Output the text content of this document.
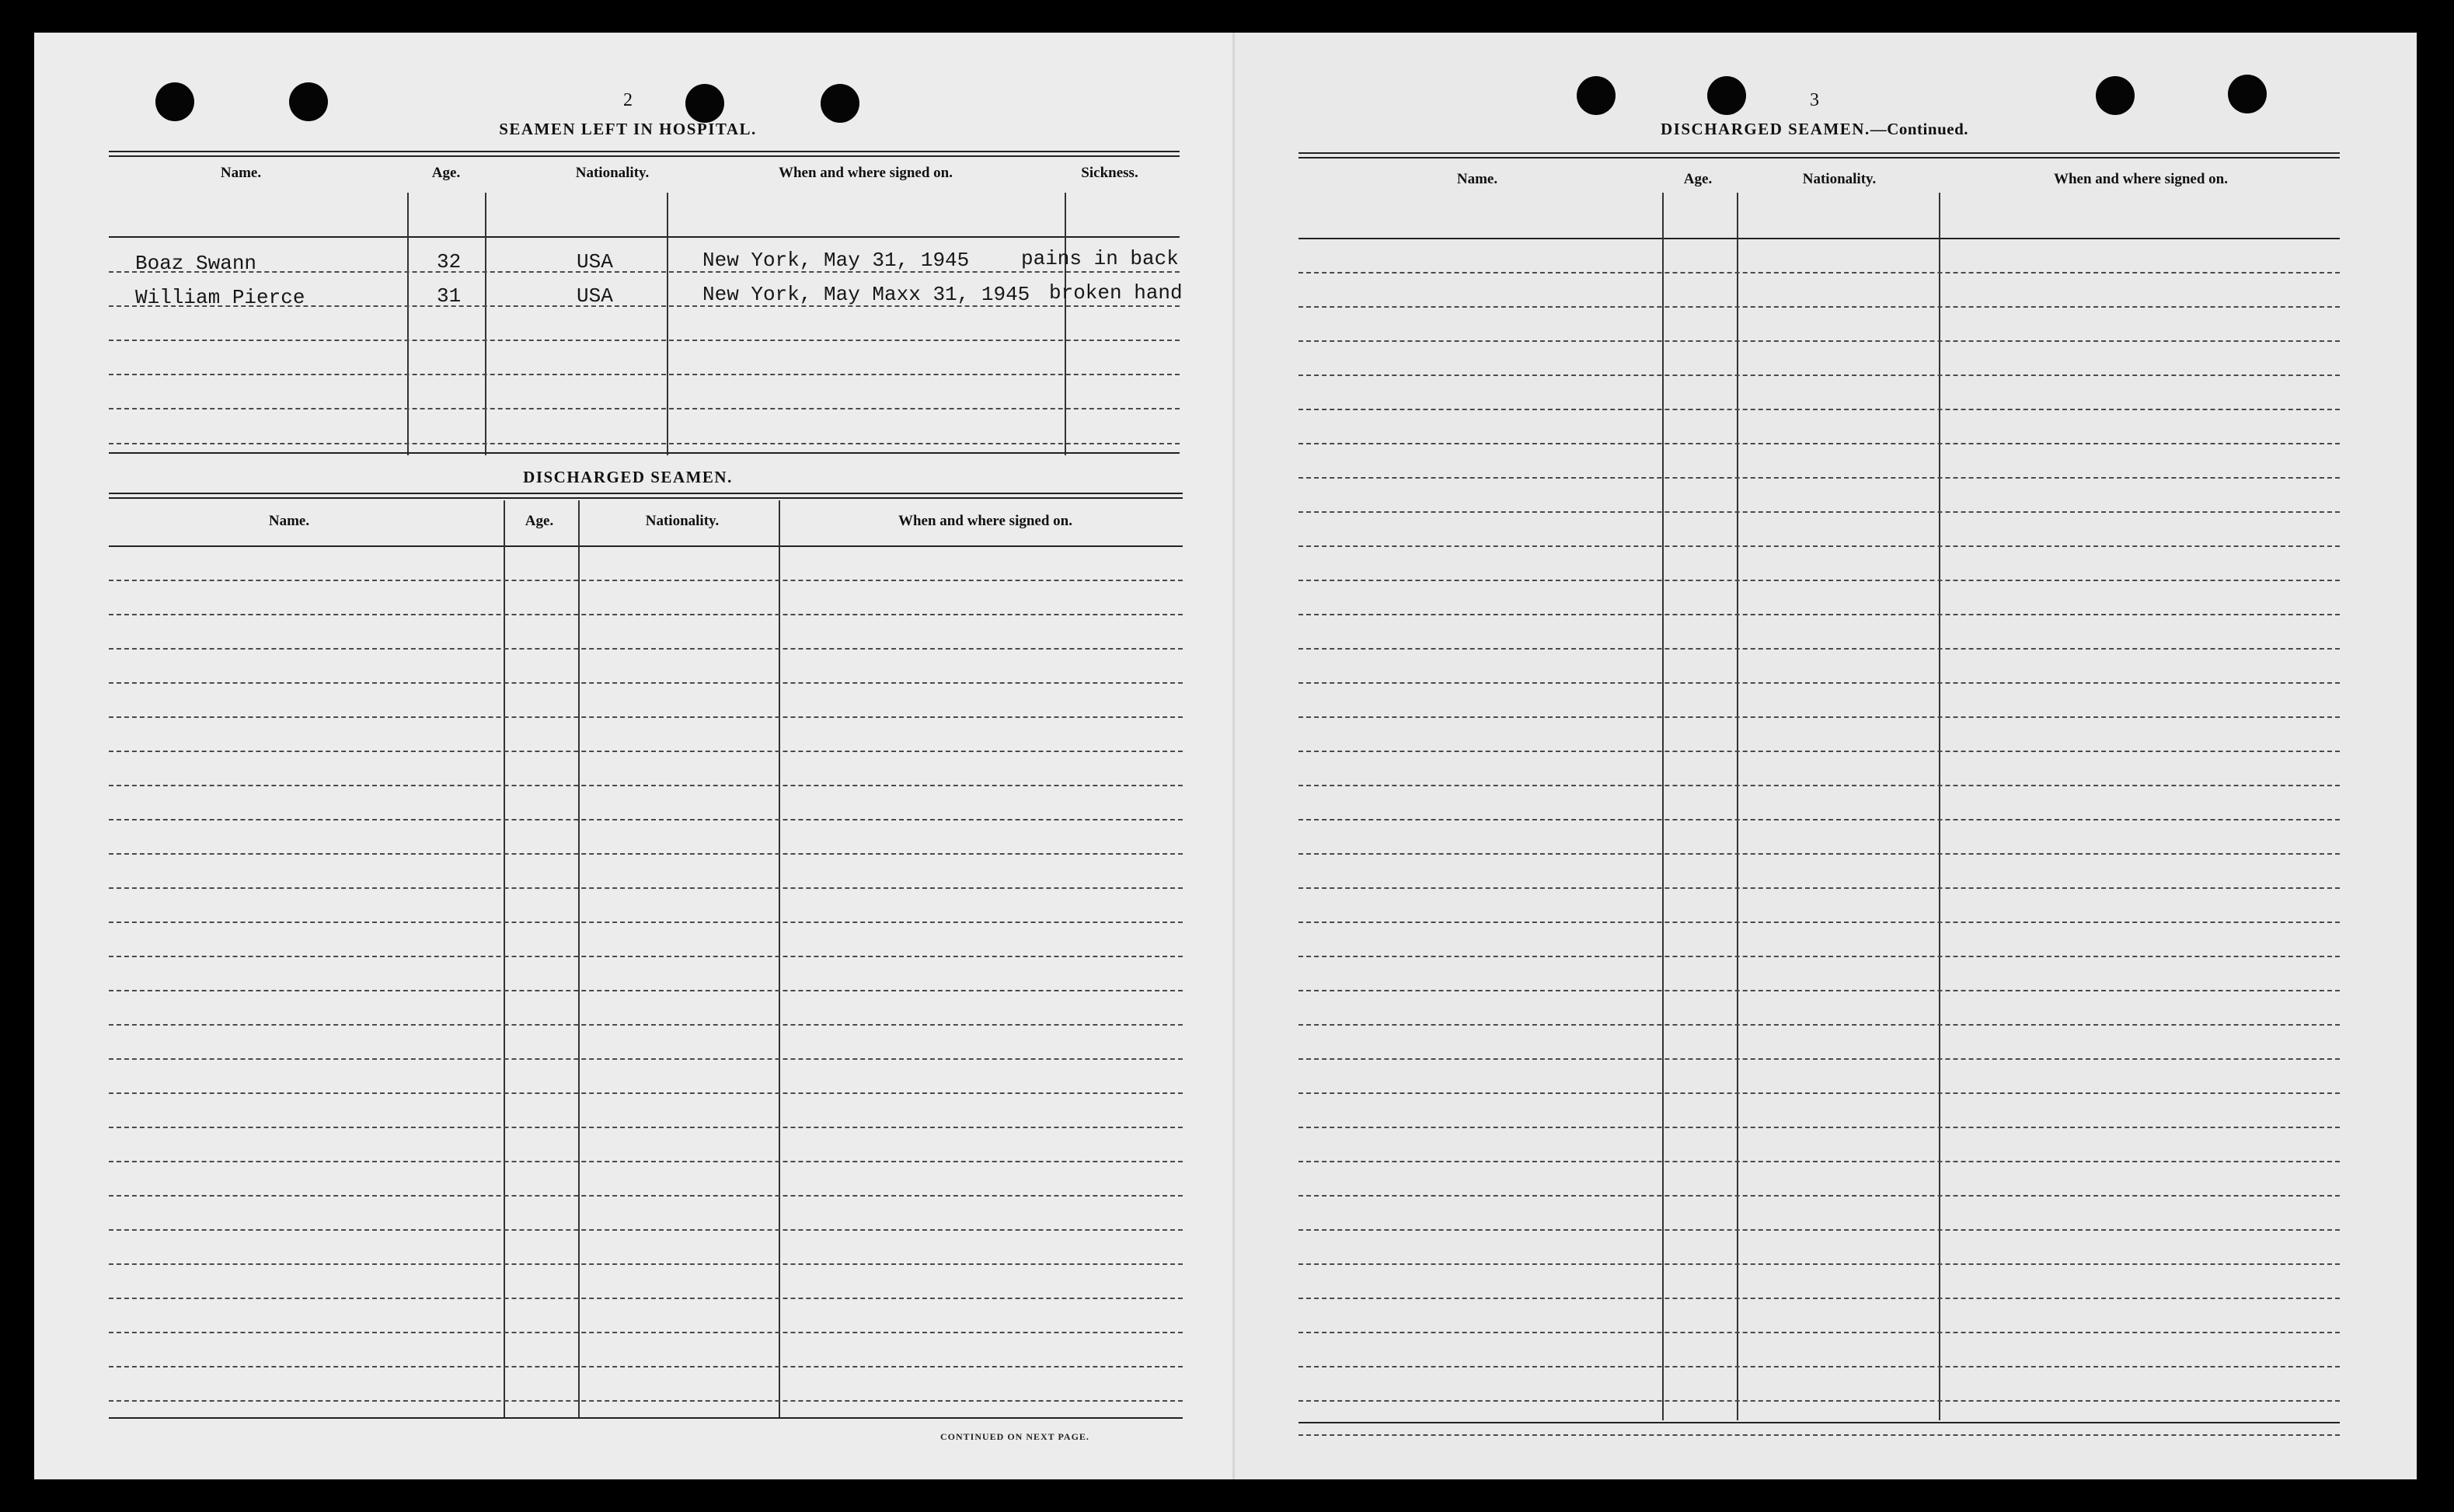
2
SEAMEN LEFT IN HOSPITAL.
Name.	Age.	Nationality.	When and where signed on.	Sickness.
Boaz Swann	32	USA	New York, May 31, 1945	pains in back
William Pierce	31	USA	New York, May Maxx 31, 1945 broken hand
DISCHARGED SEAMEN.
Name.	Age.	Nationality.	When and where signed on.
CONTINUED ON NEXT PAGE.
3
DISCHARGED SEAMEN.—Continued.
Name.	Age.	Nationality.	When and where signed on.
